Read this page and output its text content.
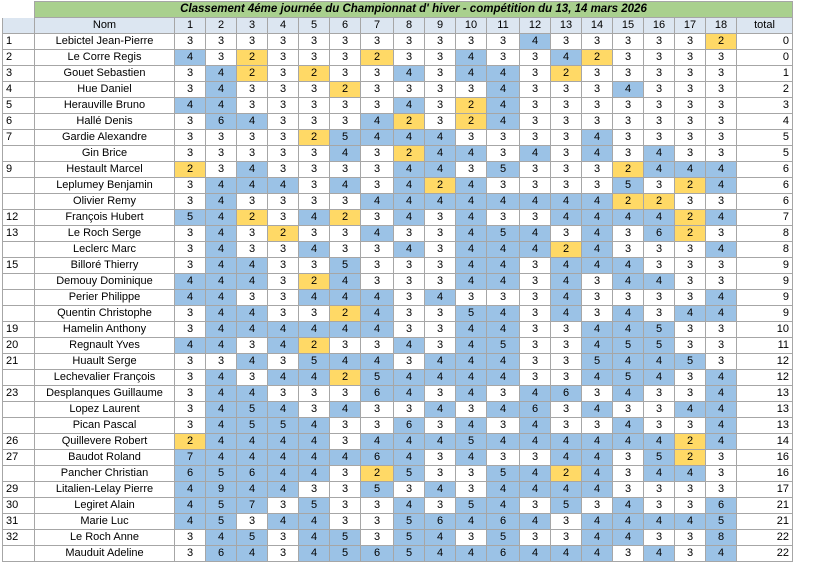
	Classement 4éme journée du Championnat d' hiver - compétition du 13, 14 mars 2026																			
	Nom	1	2	3	4	5	6	7	8	9	10	11	12	13	14	15	16	17	18	total
1	Lebictel Jean-Pierre	3	3	3	3	3	3	3	3	3	3	3	4	3	3	3	3	3	2	0
2	Le Corre Regis	4	3	2	3	3	3	2	3	3	4	3	3	4	2	3	3	3	3	0
3	Gouet Sebastien	3	4	2	3	2	3	3	4	3	4	4	3	2	3	3	3	3	3	1
4	Hue Daniel	3	4	3	3	3	2	3	3	3	3	4	3	3	3	4	3	3	3	2
5	Herauville Bruno	4	4	3	3	3	3	3	4	3	2	4	3	3	3	3	3	3	3	3
6	Hallé Denis	3	6	4	3	3	3	4	2	3	2	4	3	3	3	3	3	3	3	4
7	Gardie Alexandre	3	3	3	3	2	5	4	4	4	3	3	3	3	4	3	3	3	3	5
	Gin Brice	3	3	3	3	3	4	3	2	4	4	3	4	3	4	3	4	3	3	5
9	Hestault Marcel	2	3	4	3	3	3	3	4	4	3	5	3	3	3	2	4	4	4	6
	Leplumey Benjamin	3	4	4	4	3	4	3	4	2	4	3	3	3	3	5	3	2	4	6
	Olivier Remy	3	4	3	3	3	3	4	4	4	4	4	4	4	4	2	2	3	3	6
12	François Hubert	5	4	2	3	4	2	3	4	3	4	3	3	4	4	4	4	2	4	7
13	Le Roch Serge	3	4	3	2	3	3	4	3	3	4	5	4	3	4	3	6	2	3	8
	Leclerc Marc	3	4	3	3	4	3	3	4	3	4	4	4	2	4	3	3	3	4	8
15	Billoré Thierry	3	4	4	3	3	5	3	3	3	4	4	3	4	4	4	3	3	3	9
	Demouy Dominique	4	4	4	3	2	4	3	3	3	4	4	3	4	3	4	4	3	3	9
	Perier Philippe	4	4	3	3	4	4	4	3	4	3	3	3	4	3	3	3	3	4	9
	Quentin Christophe	3	4	4	3	3	2	4	3	3	5	4	3	4	3	4	3	4	4	9
19	Hamelin Anthony	3	4	4	4	4	4	4	3	3	4	4	3	3	4	4	5	3	3	10
20	Regnault Yves	4	4	3	4	2	3	3	4	3	4	5	3	3	4	5	5	3	3	11
21	Huault Serge	3	3	4	3	5	4	4	3	4	4	4	3	3	5	4	4	5	3	12
	Lechevalier François	3	4	3	4	4	2	5	4	4	4	4	3	3	4	5	4	3	4	12
23	Desplanques Guillaume	3	4	4	3	3	3	6	4	3	4	3	4	6	3	4	3	3	4	13
	Lopez Laurent	3	4	5	4	3	4	3	3	4	3	4	6	3	4	3	3	4	4	13
	Pican Pascal	3	4	5	5	4	3	3	6	3	4	3	4	3	3	4	3	3	4	13
26	Quillevere Robert	2	4	4	4	4	3	4	4	4	5	4	4	4	4	4	4	2	4	14
27	Baudot Roland	7	4	4	4	4	4	6	4	3	4	3	3	4	4	3	5	2	3	16
	Pancher Christian	6	5	6	4	4	3	2	5	3	3	5	4	2	4	3	4	4	3	16
29	Litalien-Lelay Pierre	4	9	4	4	3	3	5	3	4	3	4	4	4	4	3	3	3	3	17
30	Legiret Alain	4	5	7	3	5	3	3	4	3	5	4	3	5	3	4	3	3	6	21
31	Marie Luc	4	5	3	4	4	3	3	5	6	4	6	4	3	4	4	4	4	5	21
32	Le Roch Anne	3	4	5	3	4	5	3	5	4	3	5	3	3	4	4	3	3	8	22
	Mauduit Adeline	3	6	4	3	4	5	6	5	4	4	6	4	4	4	3	4	3	4	22
